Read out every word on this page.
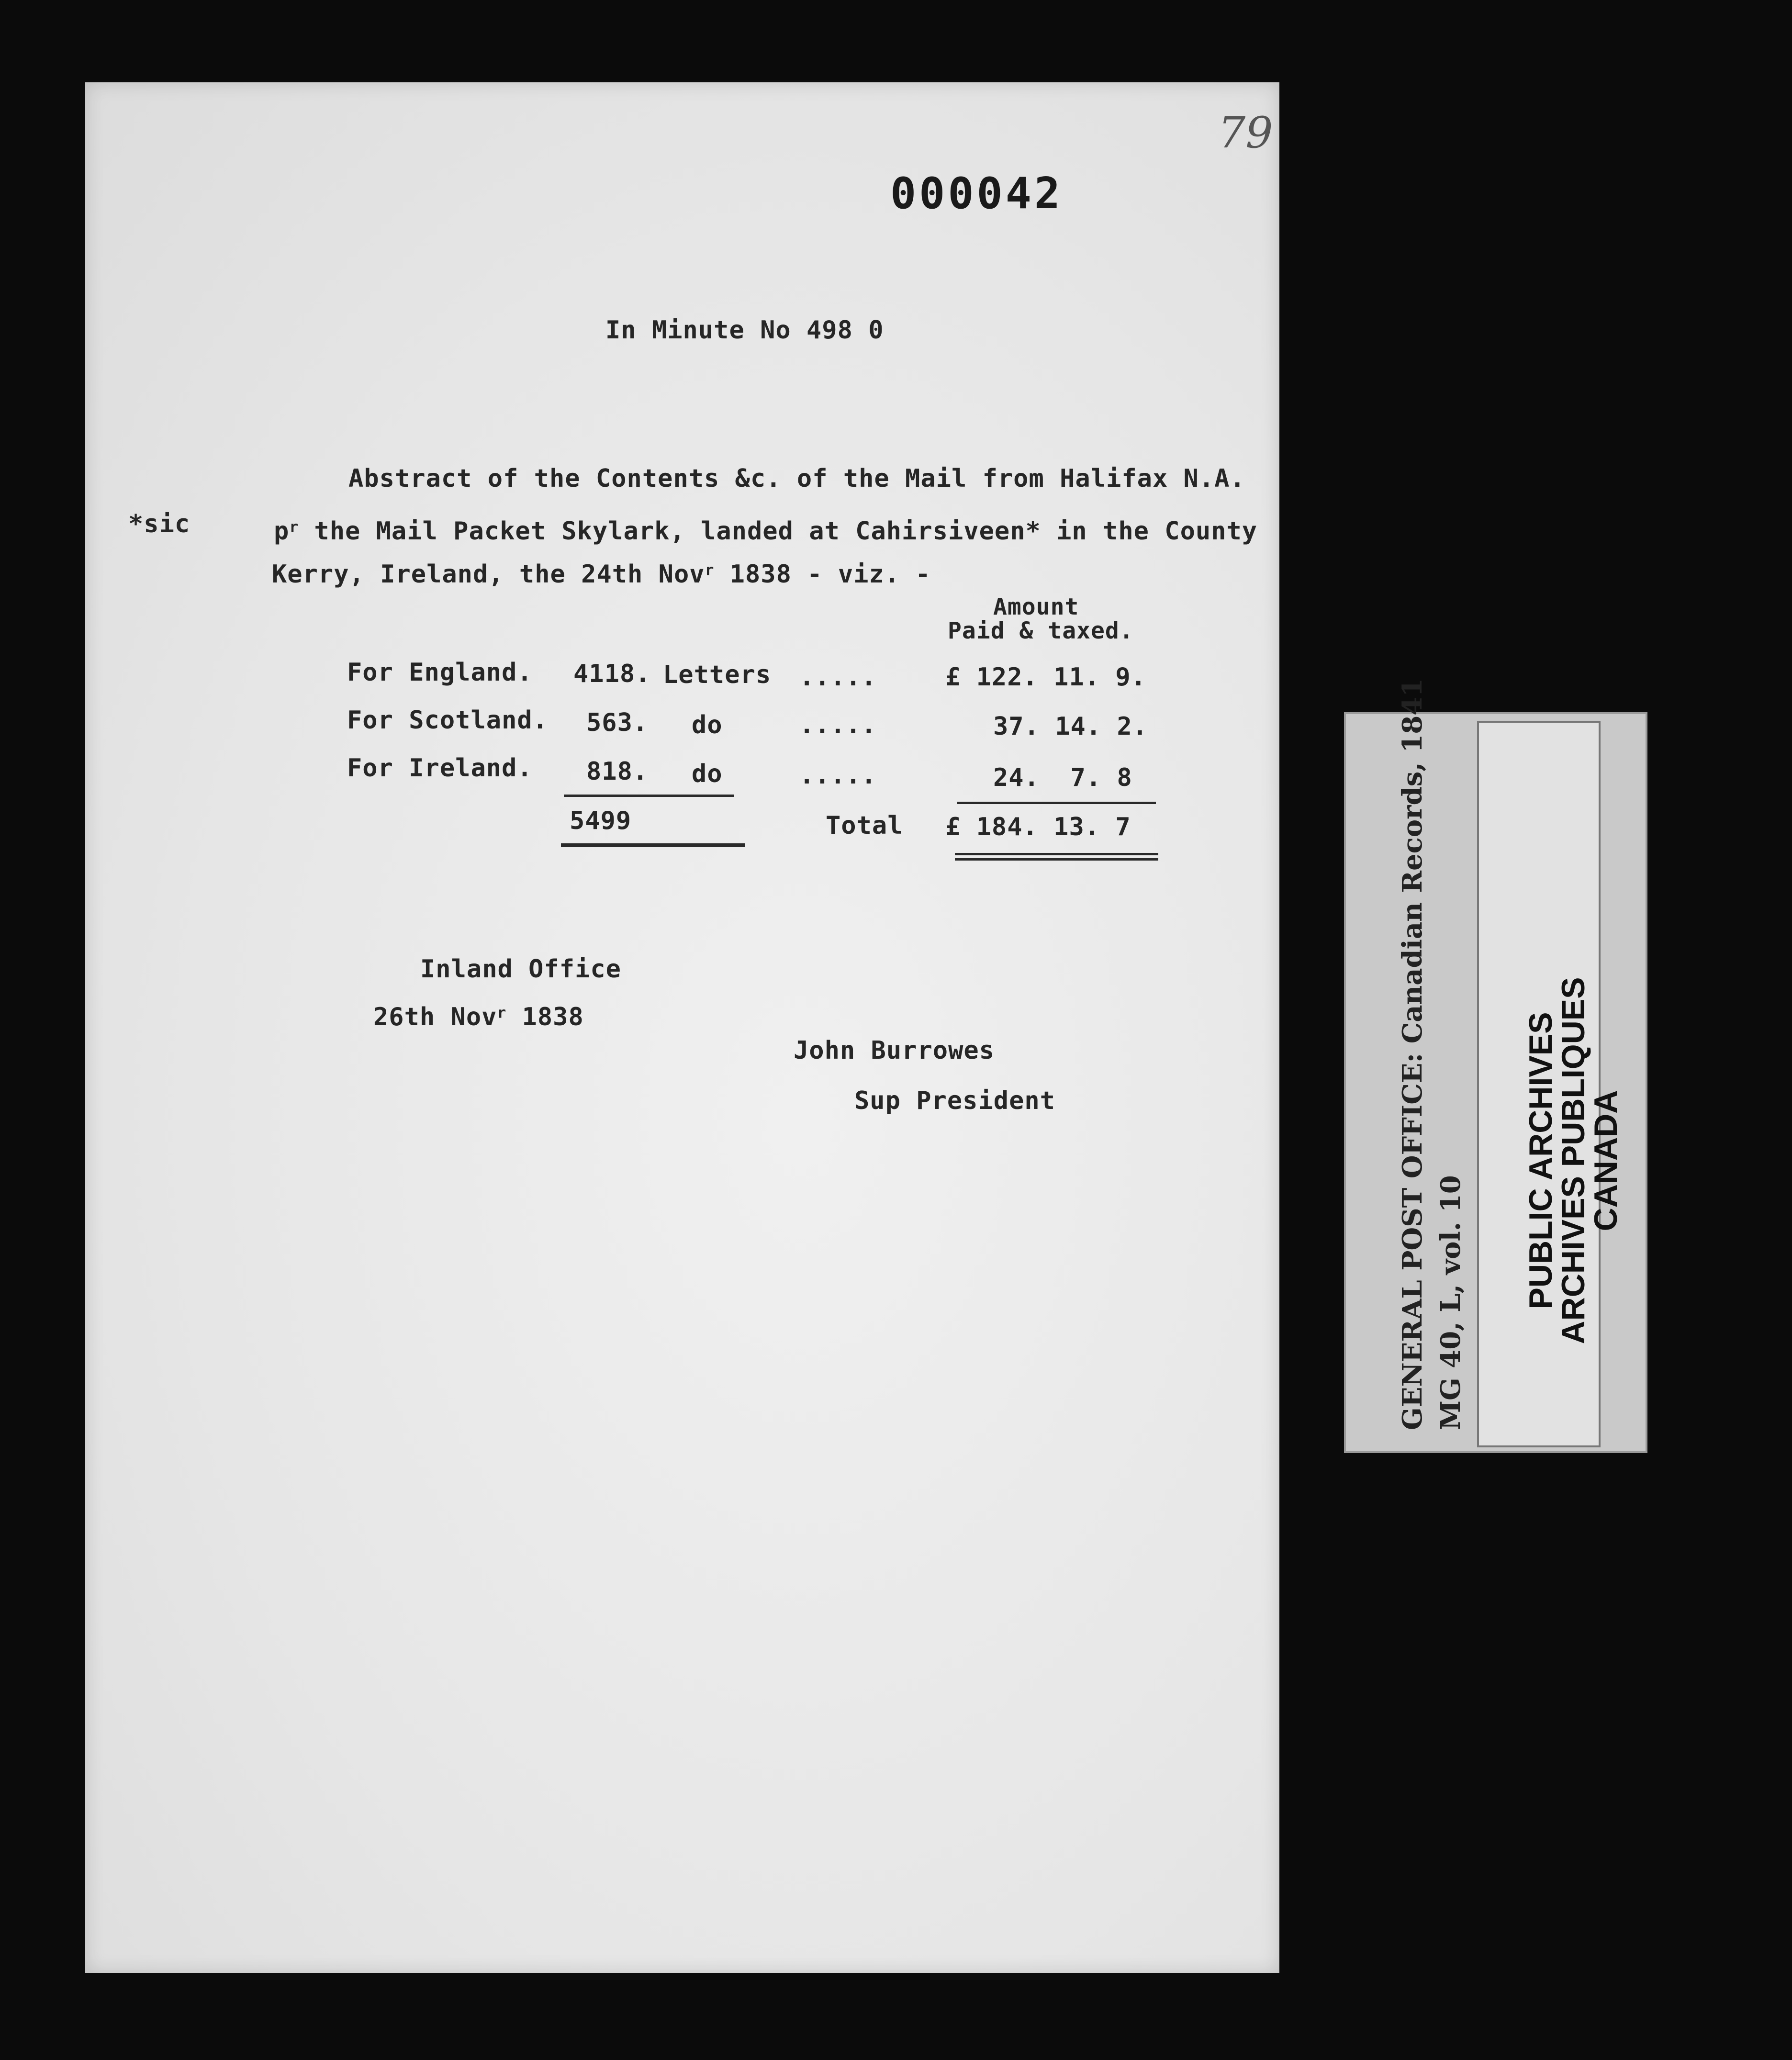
79
000042
In Minute No 498 0
Abstract of the Contents &c. of the Mail from Halifax N.A.
*sic	$p^r$ the Mail Packet Skylark, landed at Cahirsiveen* in the County
Kerry, Ireland, the 24th Nov$^r$ 1838 - viz. -
Amount
Paid & taxed.
For England. 4118. Letters .....	£ 122. 11. 9.
For Scotland. 563. do	.....	37. 14. 2.
For Ireland. 818. do	.....	24.  7. 8
5499	Total £ 184. 13. 7
Inland Office
26th Nov$^r$ 1838
John Burrowes
Sup President	GENERAL POST OFFICE: Canadian Records, 1841 MG 40, L, vol. 10 PUBLIC ARCHIVES
ARCHIVES PUBLIQUES
CANADA
